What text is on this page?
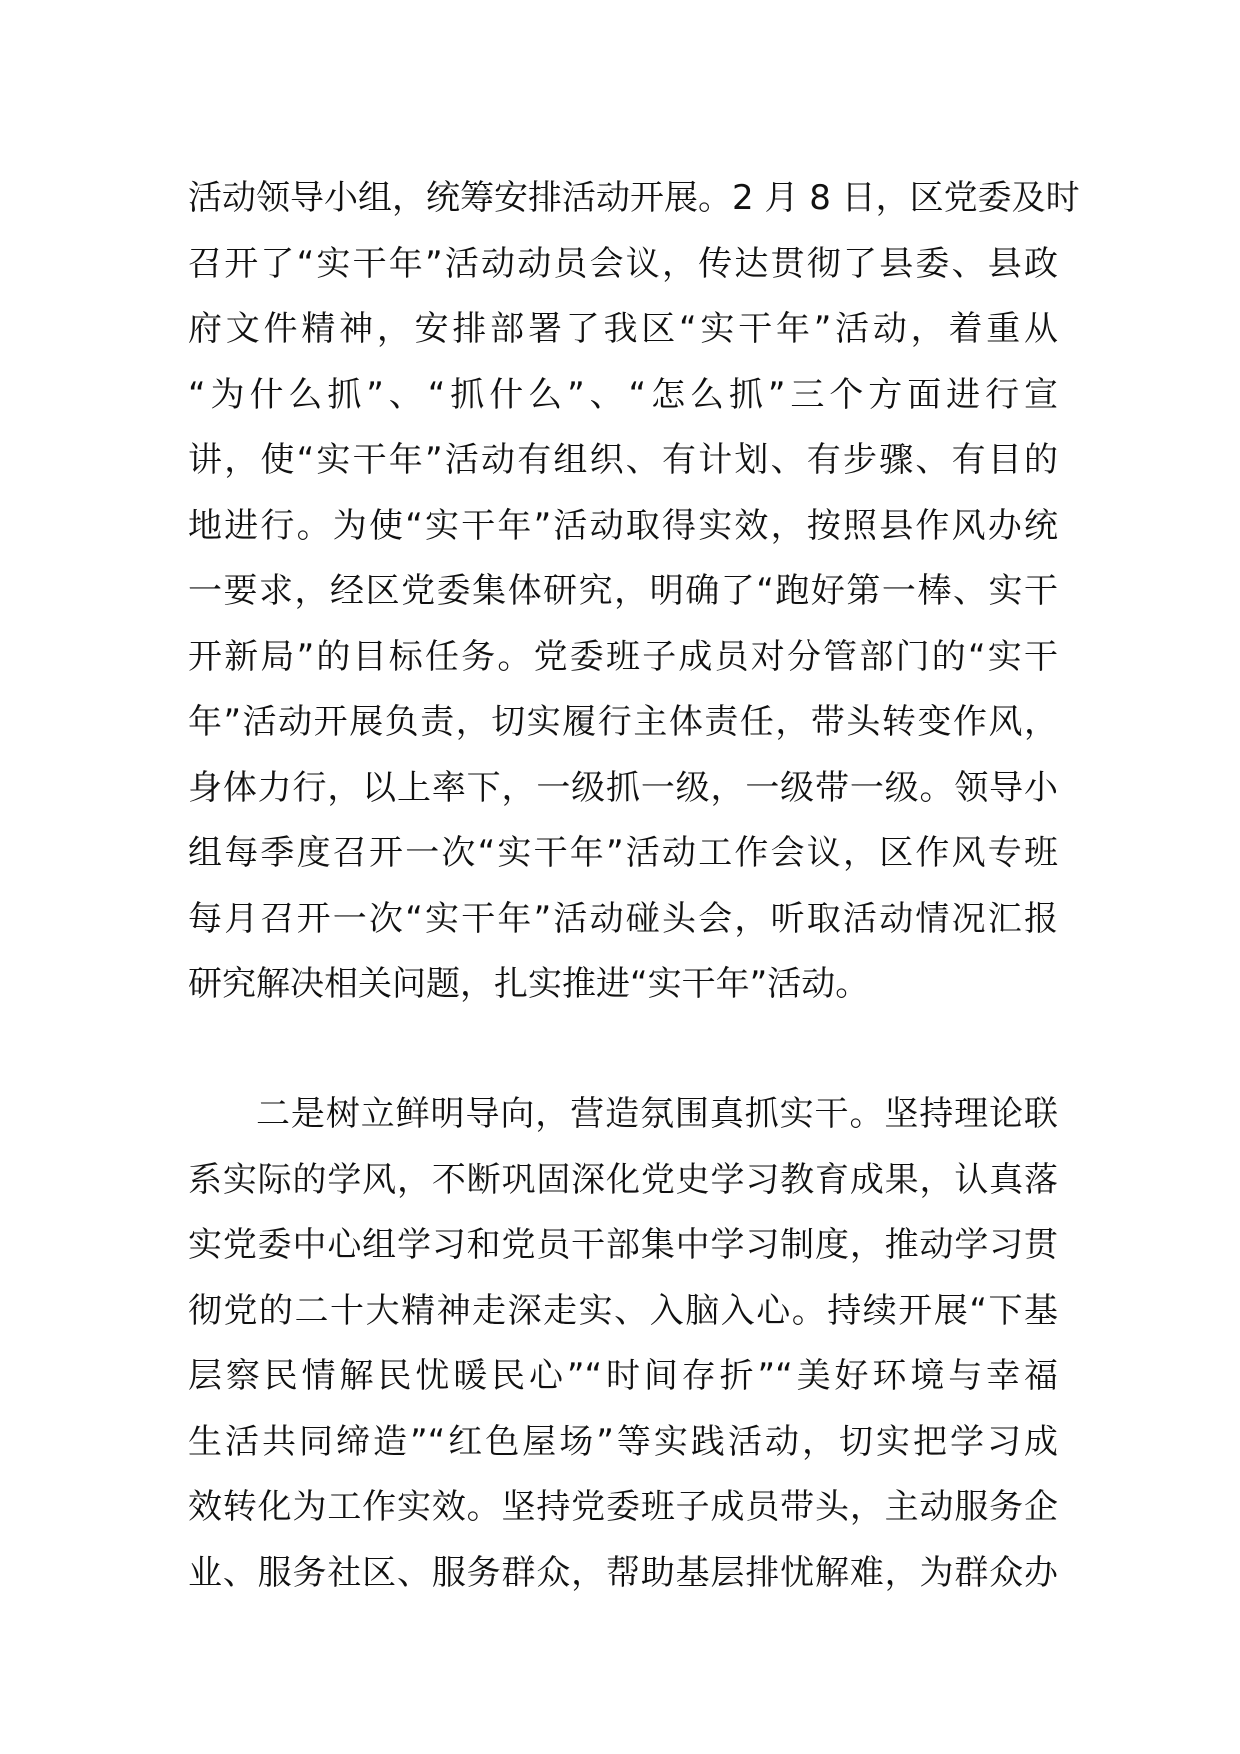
活动领导小组，统筹安排活动开展。2 月 8 日，区党委及时
召开了“实干年”活动动员会议，传达贯彻了县委、县政
府文件精神，安排部署了我区“实干年”活动，着重从
“为什么抓”、“抓什么”、“怎么抓”三个方面进行宣
讲，使“实干年”活动有组织、有计划、有步骤、有目的
地进行。为使“实干年”活动取得实效，按照县作风办统
一要求，经区党委集体研究，明确了“跑好第一棒、实干
开新局”的目标任务。党委班子成员对分管部门的“实干
年”活动开展负责，切实履行主体责任，带头转变作风，
身体力行，以上率下，一级抓一级，一级带一级。领导小
组每季度召开一次“实干年”活动工作会议，区作风专班
每月召开一次“实干年”活动碰头会，听取活动情况汇报
研究解决相关问题，扎实推进“实干年”活动。
二是树立鲜明导向，营造氛围真抓实干。坚持理论联
系实际的学风，不断巩固深化党史学习教育成果，认真落
实党委中心组学习和党员干部集中学习制度，推动学习贯
彻党的二十大精神走深走实、入脑入心。持续开展“下基
层察民情解民忧暖民心”“时间存折”“美好环境与幸福
生活共同缔造”“红色屋场”等实践活动，切实把学习成
效转化为工作实效。坚持党委班子成员带头，主动服务企
业、服务社区、服务群众，帮助基层排忧解难，为群众办
